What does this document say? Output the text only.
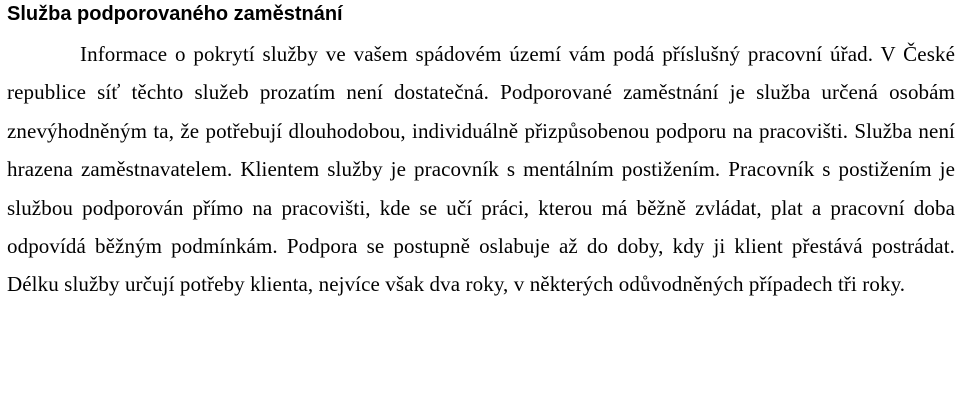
Služba podporovaného zaměstnání

Informace o pokrytí služby ve vašem spádovém území vám podá příslušný pracovní úřad. V České republice síť těchto služeb prozatím není dostatečná. Podporované zaměstnání je služba určená osobám znevýhodněným ta, že potřebují dlouhodobou, individuálně přizpůsobenou podporu na pracovišti. Služba není hrazena zaměstnavatelem. Klientem služby je pracovník s mentálním postižením. Pracovník s postižením je službou podporován přímo na pracovišti, kde se učí práci, kterou má běžně zvládat, plat a pracovní doba odpovídá běžným podmínkám. Podpora se postupně oslabuje až do doby, kdy ji klient přestává postrádat. Délku služby určují potřeby klienta, nejvíce však dva roky, v některých odůvodněných případech tři roky.
